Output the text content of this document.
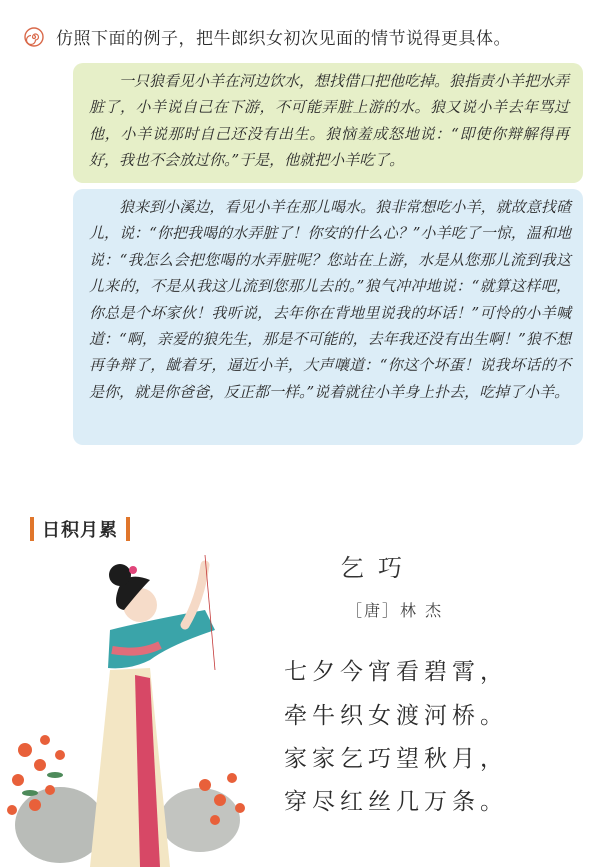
仿照下面的例子，把牛郎织女初次见面的情节说得更具体。

一只狼看见小羊在河边饮水，想找借口把他吃掉。狼指责小羊把水弄脏了，小羊说自己在下游，不可能弄脏上游的水。狼又说小羊去年骂过他，小羊说那时自己还没有出生。狼恼羞成怒地说：“即使你辩解得再好，我也不会放过你。”于是，他就把小羊吃了。

狼来到小溪边，看见小羊在那儿喝水。狼非常想吃小羊，就故意找碴儿，说：“你把我喝的水弄脏了！你安的什么心？”小羊吃了一惊，温和地说：“我怎么会把您喝的水弄脏呢？您站在上游，水是从您那儿流到我这儿来的，不是从我这儿流到您那儿去的。”狼气冲冲地说：“就算这样吧，你总是个坏家伙！我听说，去年你在背地里说我的坏话！”可怜的小羊喊道：“啊，亲爱的狼先生，那是不可能的，去年我还没有出生啊！”狼不想再争辩了，龇着牙，逼近小羊，大声嚷道：“你这个坏蛋！说我坏话的不是你，就是你爸爸，反正都一样。”说着就往小羊身上扑去，吃掉了小羊。

日积月累
乞巧
［唐］林 杰
七夕今宵看碧霄，
牵牛织女渡河桥。
家家乞巧望秋月，
穿尽红丝几万条。
